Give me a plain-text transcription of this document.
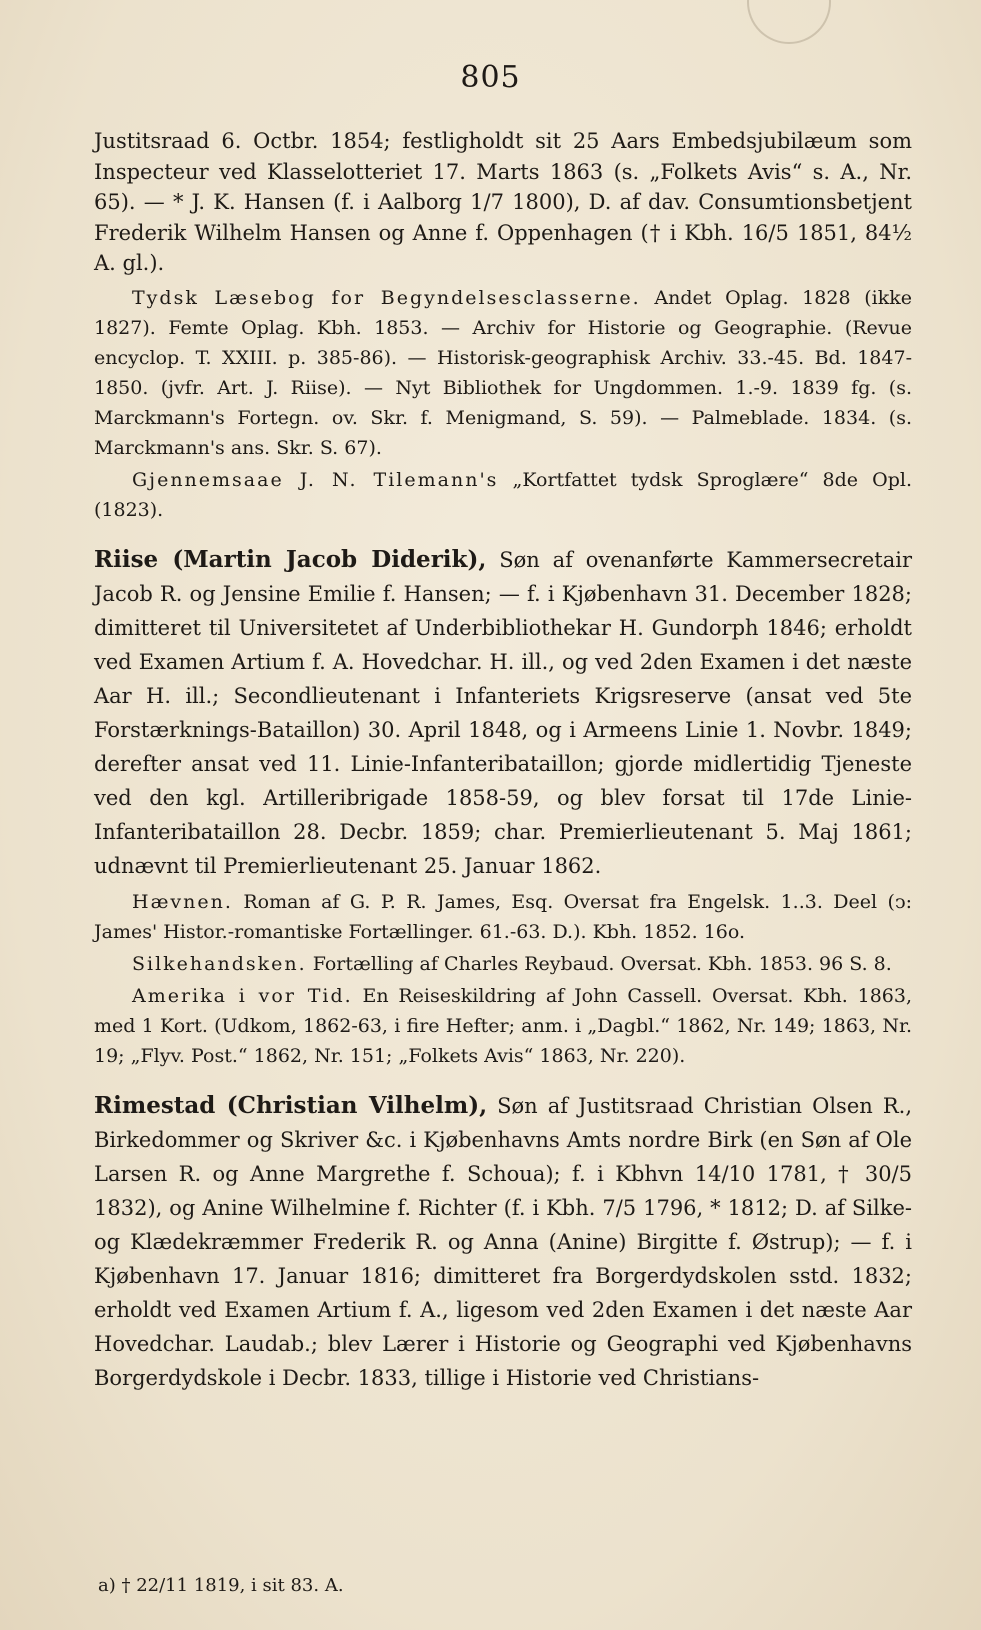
805

Justitsraad 6. Octbr. 1854; festligholdt sit 25 Aars Embedsjubilæum som Inspecteur ved Klasselotteriet 17. Marts 1863 (s. „Folkets Avis“ s. A., Nr. 65). — * J. K. Hansen (f. i Aalborg 1/7 1800), D. af dav. Consumtionsbetjent Frederik Wilhelm Hansen og Anne f. Oppenhagen († i Kbh. 16/5 1851, 84½ A. gl.).

Tydsk Læsebog for Begyndelsesclasserne. Andet Oplag. 1828 (ikke 1827). Femte Oplag. Kbh. 1853. — Archiv for Historie og Geographie. (Revue encyclop. T. XXIII. p. 385-86). — Historisk-geographisk Archiv. 33.-45. Bd. 1847-1850. (jvfr. Art. J. Riise). — Nyt Bibliothek for Ungdommen. 1.-9. 1839 fg. (s. Marckmann's Fortegn. ov. Skr. f. Menigmand, S. 59). — Palmeblade. 1834. (s. Marckmann's ans. Skr. S. 67).

Gjennemsaae J. N. Tilemann's „Kortfattet tydsk Sproglære“ 8de Opl. (1823).

Riise (Martin Jacob Diderik), Søn af ovenanførte Kammersecretair Jacob R. og Jensine Emilie f. Hansen; — f. i Kjøbenhavn 31. December 1828; dimitteret til Universitetet af Underbibliothekar H. Gundorph 1846; erholdt ved Examen Artium f. A. Hovedchar. H. ill., og ved 2den Examen i det næste Aar H. ill.; Secondlieutenant i Infanteriets Krigsreserve (ansat ved 5te Forstærknings-Bataillon) 30. April 1848, og i Armeens Linie 1. Novbr. 1849; derefter ansat ved 11. Linie-Infanteribataillon; gjorde midlertidig Tjeneste ved den kgl. Artilleribrigade 1858-59, og blev forsat til 17de Linie-Infanteribataillon 28. Decbr. 1859; char. Premierlieutenant 5. Maj 1861; udnævnt til Premierlieutenant 25. Januar 1862.

Hævnen. Roman af G. P. R. James, Esq. Oversat fra Engelsk. 1..3. Deel (ↄ: James' Histor.-romantiske Fortællinger. 61.-63. D.). Kbh. 1852. 16o.

Silkehandsken. Fortælling af Charles Reybaud. Oversat. Kbh. 1853. 96 S. 8.

Amerika i vor Tid. En Reiseskildring af John Cassell. Oversat. Kbh. 1863, med 1 Kort. (Udkom, 1862-63, i fire Hefter; anm. i „Dagbl.“ 1862, Nr. 149; 1863, Nr. 19; „Flyv. Post.“ 1862, Nr. 151; „Folkets Avis“ 1863, Nr. 220).

Rimestad (Christian Vilhelm), Søn af Justitsraad Christian Olsen R., Birkedommer og Skriver &c. i Kjøbenhavns Amts nordre Birk (en Søn af Ole Larsen R. og Anne Margrethe f. Schoua); f. i Kbhvn 14/10 1781, † 30/5 1832), og Anine Wilhelmine f. Richter (f. i Kbh. 7/5 1796, * 1812; D. af Silke- og Klædekræmmer Frederik R. og Anna (Anine) Birgitte f. Østrup); — f. i Kjøbenhavn 17. Januar 1816; dimitteret fra Borgerdydskolen sstd. 1832; erholdt ved Examen Artium f. A., ligesom ved 2den Examen i det næste Aar Hovedchar. Laudab.; blev Lærer i Historie og Geographi ved Kjøbenhavns Borgerdydskole i Decbr. 1833, tillige i Historie ved Christians-

a) † 22/11 1819, i sit 83. A.
